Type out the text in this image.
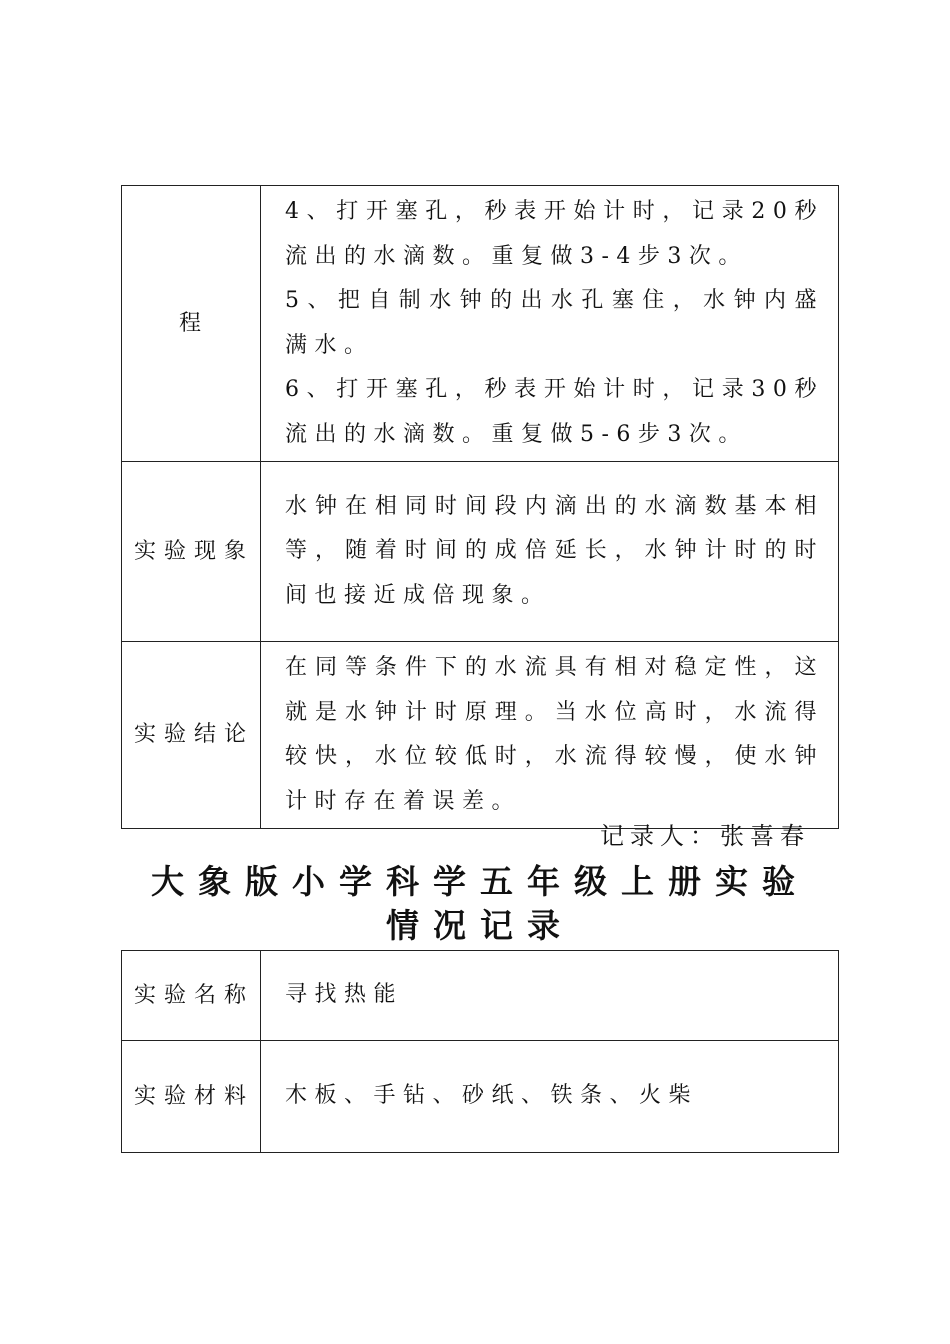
程	4、打开塞孔，秒表开始计时，记录20秒流出的水滴数。重复做3-4步3次。

5、把自制水钟的出水孔塞住，水钟内盛满水。

6、打开塞孔，秒表开始计时，记录30秒流出的水滴数。重复做5-6步3次。

实验现象	水钟在相同时间段内滴出的水滴数基本相等，随着时间的成倍延长，水钟计时的时间也接近成倍现象。

实验结论	在同等条件下的水流具有相对稳定性，这就是水钟计时原理。当水位高时，水流得较快，水位较低时，水流得较慢，使水钟计时存在着误差。

记录人：张喜春
大象版小学科学五年级上册实验
情况记录
实验名称	寻找热能
实验材料	木板、手钻、砂纸、铁条、火柴
